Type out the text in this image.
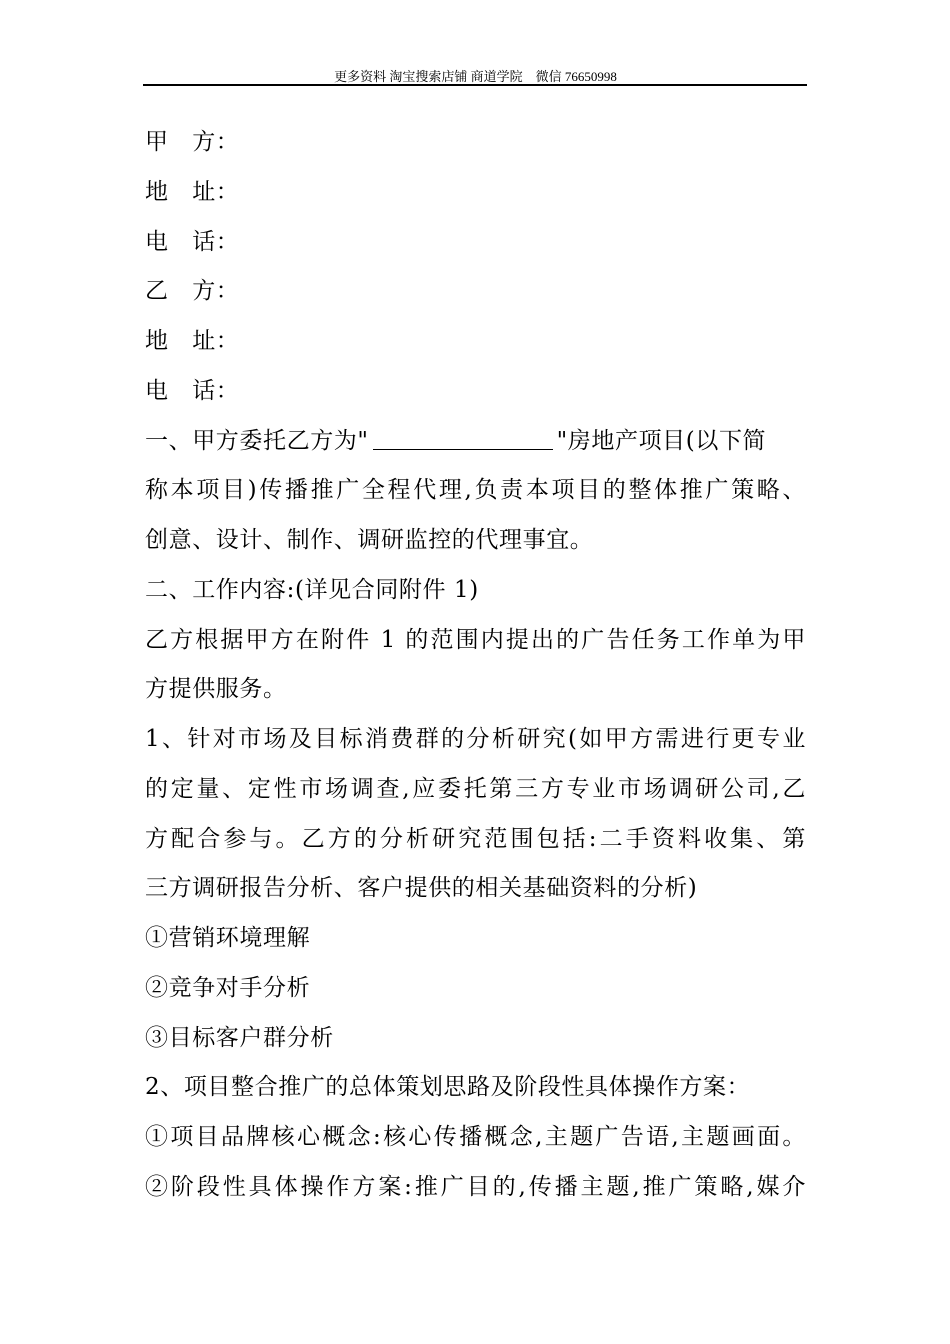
更多资料 淘宝搜索店铺 商道学院　微信 76650998
甲　方：
地　址：
电　话：
乙　方：
地　址：
电　话：
一、甲方委托乙方为"	"房地产项目(以下简
称本项目)传播推广全程代理,负责本项目的整体推广策略、
创意、设计、制作、调研监控的代理事宜。
二、工作内容:(详见合同附件 1)
乙方根据甲方在附件 1 的范围内提出的广告任务工作单为甲
方提供服务。
1、针对市场及目标消费群的分析研究(如甲方需进行更专业
的定量、定性市场调查,应委托第三方专业市场调研公司,乙
方配合参与。乙方的分析研究范围包括:二手资料收集、第
三方调研报告分析、客户提供的相关基础资料的分析)
①营销环境理解
②竞争对手分析
③目标客户群分析
2、项目整合推广的总体策划思路及阶段性具体操作方案：
①项目品牌核心概念:核心传播概念,主题广告语,主题画面。
②阶段性具体操作方案:推广目的,传播主题,推广策略,媒介
